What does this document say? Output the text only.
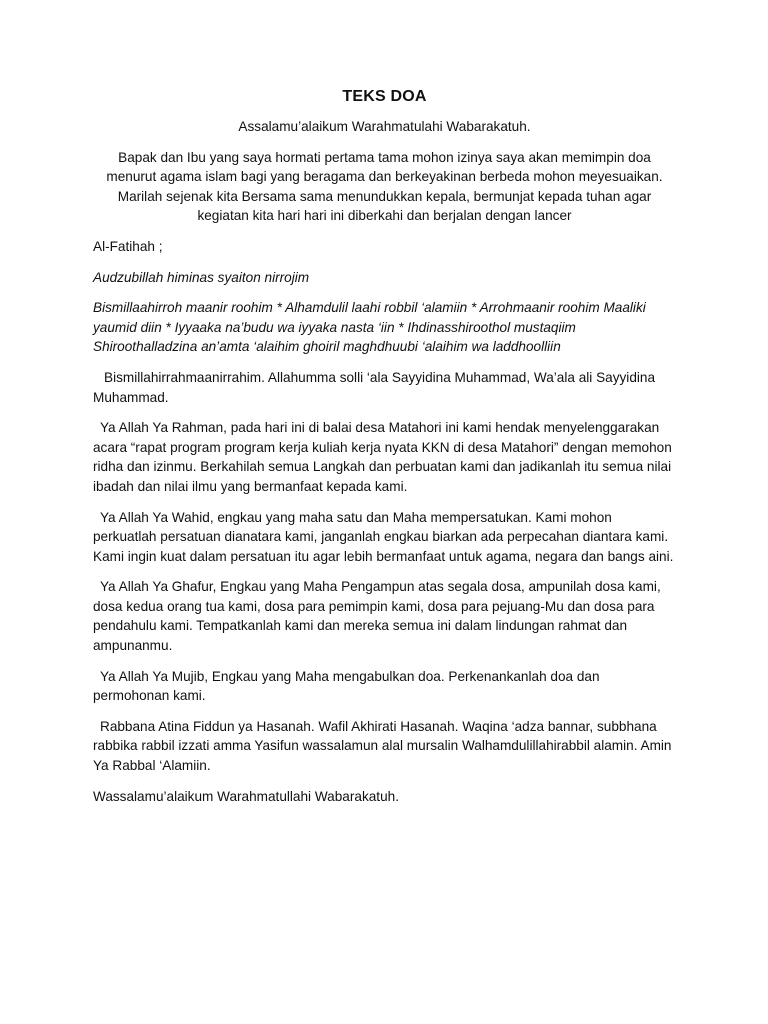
TEKS DOA

Assalamu’alaikum Warahmatulahi Wabarakatuh.

Bapak dan Ibu yang saya hormati pertama tama mohon izinya saya akan memimpin doa menurut agama islam bagi yang beragama dan berkeyakinan berbeda mohon meyesuaikan. Marilah sejenak kita Bersama sama menundukkan kepala, bermunjat kepada tuhan agar kegiatan kita hari hari ini diberkahi dan berjalan dengan lancer

Al-Fatihah ;

Audzubillah himinas syaiton nirrojim

Bismillaahirroh maanir roohim * Alhamdulil laahi robbil ‘alamiin * Arrohmaanir roohim Maaliki yaumid diin * Iyyaaka na’budu wa iyyaka nasta ‘iin * Ihdinasshiroothol mustaqiim Shiroothalladzina an’amta ‘alaihim ghoiril maghdhuubi ‘alaihim wa laddhoolliin

Bismillahirrahmaanirrahim. Allahumma solli ‘ala Sayyidina Muhammad, Wa’ala ali Sayyidina Muhammad.

Ya Allah Ya Rahman, pada hari ini di balai desa Matahori ini kami hendak menyelenggarakan acara “rapat program program kerja kuliah kerja nyata KKN di desa Matahori” dengan memohon ridha dan izinmu. Berkahilah semua Langkah dan perbuatan kami dan jadikanlah itu semua nilai ibadah dan nilai ilmu yang bermanfaat kepada kami.

Ya Allah Ya Wahid, engkau yang maha satu dan Maha mempersatukan. Kami mohon perkuatlah persatuan dianatara kami, janganlah engkau biarkan ada perpecahan diantara kami. Kami ingin kuat dalam persatuan itu agar lebih bermanfaat untuk agama, negara dan bangs aini.

Ya Allah Ya Ghafur, Engkau yang Maha Pengampun atas segala dosa, ampunilah dosa kami, dosa kedua orang tua kami, dosa para pemimpin kami, dosa para pejuang-Mu dan dosa para pendahulu kami. Tempatkanlah kami dan mereka semua ini dalam lindungan rahmat dan ampunanmu.

Ya Allah Ya Mujib, Engkau yang Maha mengabulkan doa. Perkenankanlah doa dan permohonan kami.

Rabbana Atina Fiddun ya Hasanah. Wafil Akhirati Hasanah. Waqina ‘adza bannar, subbhana rabbika rabbil izzati amma Yasifun wassalamun alal mursalin Walhamdulillahirabbil alamin. Amin Ya Rabbal ‘Alamiin.

Wassalamu’alaikum Warahmatullahi Wabarakatuh.
